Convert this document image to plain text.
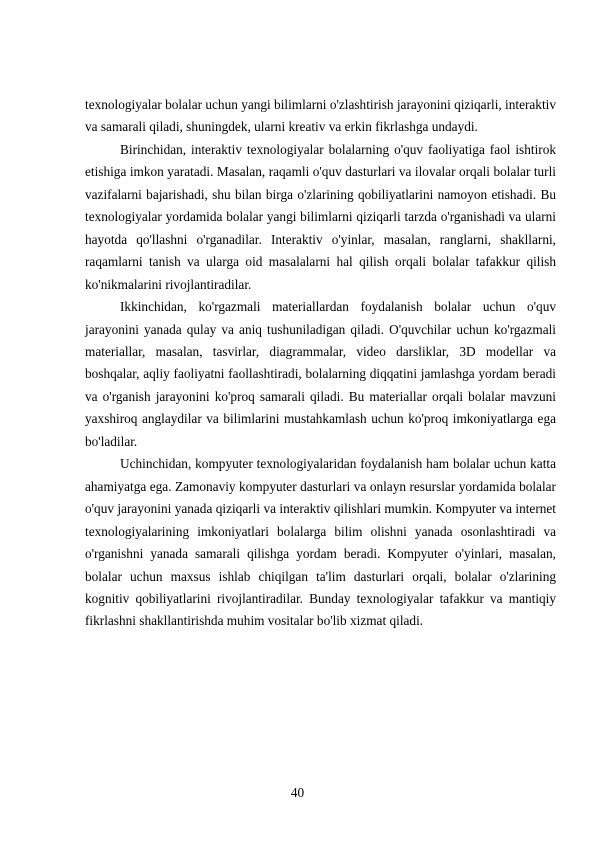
texnologiyalar bolalar uchun yangi bilimlarni o'zlashtirish jarayonini qiziqarli, interaktiv va samarali qiladi, shuningdek, ularni kreativ va erkin fikrlashga undaydi.

Birinchidan, interaktiv texnologiyalar bolalarning o'quv faoliyatiga faol ishtirok etishiga imkon yaratadi. Masalan, raqamli o'quv dasturlari va ilovalar orqali bolalar turli vazifalarni bajarishadi, shu bilan birga o'zlarining qobiliyatlarini namoyon etishadi. Bu texnologiyalar yordamida bolalar yangi bilimlarni qiziqarli tarzda o'rganishadi va ularni hayotda qo'llashni o'rganadilar. Interaktiv o'yinlar, masalan, ranglarni, shakllarni, raqamlarni tanish va ularga oid masalalarni hal qilish orqali bolalar tafakkur qilish ko'nikmalarini rivojlantiradilar.

Ikkinchidan, ko'rgazmali materiallardan foydalanish bolalar uchun o'quv jarayonini yanada qulay va aniq tushuniladigan qiladi. O'quvchilar uchun ko'rgazmali materiallar, masalan, tasvirlar, diagrammalar, video darsliklar, 3D modellar va boshqalar, aqliy faoliyatni faollashtiradi, bolalarning diqqatini jamlashga yordam beradi va o'rganish jarayonini ko'proq samarali qiladi. Bu materiallar orqali bolalar mavzuni yaxshiroq anglaydilar va bilimlarini mustahkamlash uchun ko'proq imkoniyatlarga ega bo'ladilar.

Uchinchidan, kompyuter texnologiyalaridan foydalanish ham bolalar uchun katta ahamiyatga ega. Zamonaviy kompyuter dasturlari va onlayn resurslar yordamida bolalar o'quv jarayonini yanada qiziqarli va interaktiv qilishlari mumkin. Kompyuter va internet texnologiyalarining imkoniyatlari bolalarga bilim olishni yanada osonlashtiradi va o'rganishni yanada samarali qilishga yordam beradi. Kompyuter o'yinlari, masalan, bolalar uchun maxsus ishlab chiqilgan ta'lim dasturlari orqali, bolalar o'zlarining kognitiv qobiliyatlarini rivojlantiradilar. Bunday texnologiyalar tafakkur va mantiqiy fikrlashni shakllantirishda muhim vositalar bo'lib xizmat qiladi.

40
